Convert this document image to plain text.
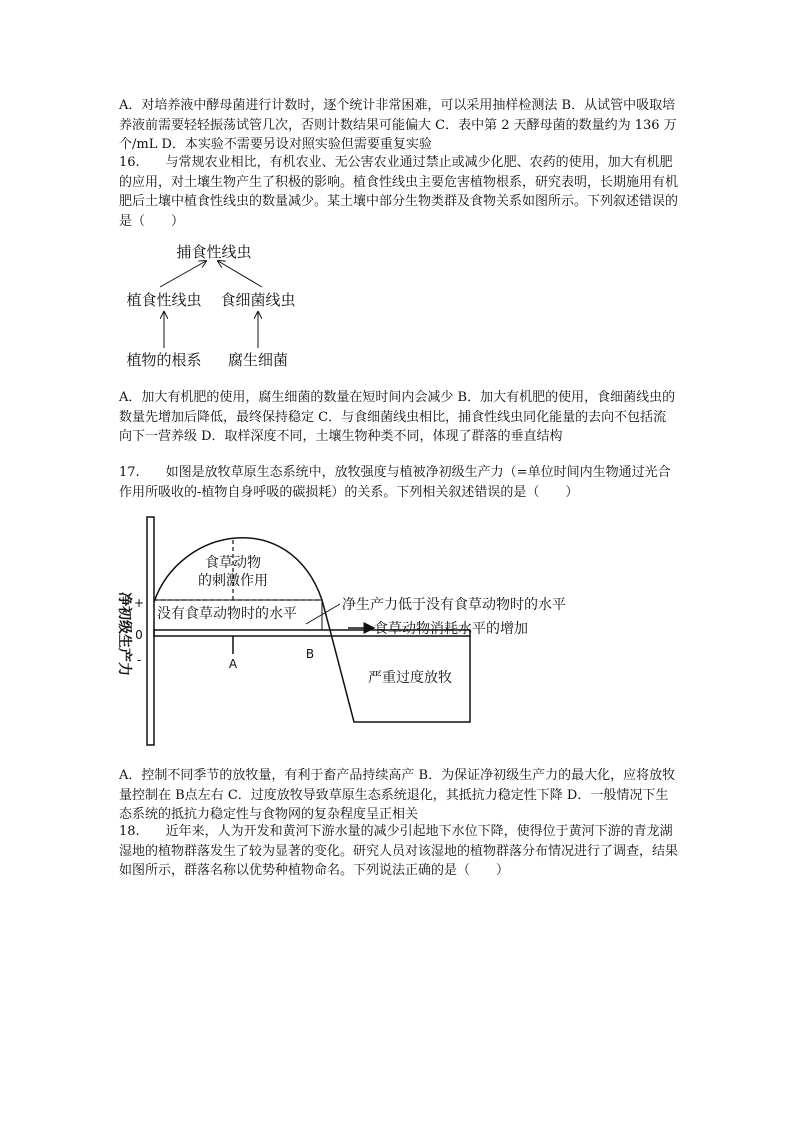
A．对培养液中酵母菌进行计数时，逐个统计非常困难，可以采用抽样检测法 B．从试管中吸取培养液前需要轻轻振荡试管几次，否则计数结果可能偏大 C．表中第 2 天酵母菌的数量约为 136 万个/mL D．本实验不需要另设对照实验但需要重复实验

16.　　与常规农业相比，有机农业、无公害农业通过禁止或减少化肥、农药的使用，加大有机肥的应用，对土壤生物产生了积极的影响。植食性线虫主要危害植物根系，研究表明，长期施用有机肥后土壤中植食性线虫的数量减少。某土壤中部分生物类群及食物关系如图所示。下列叙述错误的是（　　）

捕食性线虫
植食性线虫 食细菌线虫
植物的根系 腐生细菌

A．加大有机肥的使用，腐生细菌的数量在短时间内会减少 B．加大有机肥的使用，食细菌线虫的数量先增加后降低，最终保持稳定 C．与食细菌线虫相比，捕食性线虫同化能量的去向不包括流向下一营养级 D．取样深度不同，土壤生物种类不同，体现了群落的垂直结构

17.　　如图是放牧草原生态系统中，放牧强度与植被净初级生产力（=单位时间内生物通过光合作用所吸收的-植物自身呼吸的碳损耗）的关系。下列相关叙述错误的是（　　）

净初级生产力 +
0
-
食草动物
的刺激作用
没有食草动物时的水平
净生产力低于没有食草动物时的水平
食草动物消耗水平的增加
A
B
严重过度放牧

A．控制不同季节的放牧量，有利于畜产品持续高产 B．为保证净初级生产力的最大化，应将放牧量控制在 B点左右 C．过度放牧导致草原生态系统退化，其抵抗力稳定性下降 D．一般情况下生态系统的抵抗力稳定性与食物网的复杂程度呈正相关

18.　　近年来，人为开发和黄河下游水量的减少引起地下水位下降，使得位于黄河下游的青龙湖湿地的植物群落发生了较为显著的变化。研究人员对该湿地的植物群落分布情况进行了调查，结果如图所示，群落名称以优势种植物命名。下列说法正确的是（　　）
